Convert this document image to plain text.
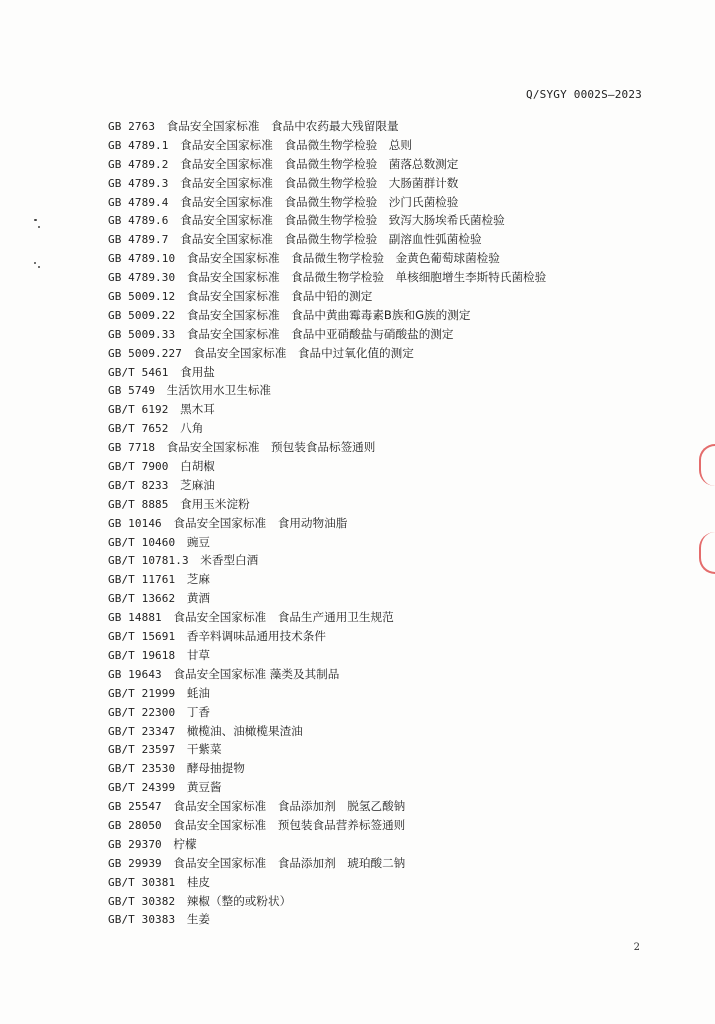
Q/SYGY 0002S—2023
GB 2763  食品安全国家标准　食品中农药最大残留限量
GB 4789.1  食品安全国家标准　食品微生物学检验　总则
GB 4789.2  食品安全国家标准　食品微生物学检验　菌落总数测定
GB 4789.3  食品安全国家标准　食品微生物学检验　大肠菌群计数
GB 4789.4  食品安全国家标准　食品微生物学检验　沙门氏菌检验
GB 4789.6  食品安全国家标准　食品微生物学检验　致泻大肠埃希氏菌检验
GB 4789.7  食品安全国家标准　食品微生物学检验　副溶血性弧菌检验
GB 4789.10  食品安全国家标准　食品微生物学检验　金黄色葡萄球菌检验
GB 4789.30  食品安全国家标准　食品微生物学检验　单核细胞增生李斯特氏菌检验
GB 5009.12  食品安全国家标准　食品中铅的测定
GB 5009.22  食品安全国家标准　食品中黄曲霉毒素B族和G族的测定
GB 5009.33  食品安全国家标准　食品中亚硝酸盐与硝酸盐的测定
GB 5009.227  食品安全国家标准　食品中过氧化值的测定
GB/T 5461  食用盐
GB 5749  生活饮用水卫生标准
GB/T 6192  黑木耳
GB/T 7652  八角
GB 7718  食品安全国家标准　预包装食品标签通则
GB/T 7900  白胡椒
GB/T 8233  芝麻油
GB/T 8885  食用玉米淀粉
GB 10146  食品安全国家标准　食用动物油脂
GB/T 10460  豌豆
GB/T 10781.3  米香型白酒
GB/T 11761  芝麻
GB/T 13662  黄酒
GB 14881  食品安全国家标准　食品生产通用卫生规范
GB/T 15691  香辛料调味品通用技术条件
GB/T 19618  甘草
GB 19643  食品安全国家标准 藻类及其制品
GB/T 21999  蚝油
GB/T 22300  丁香
GB/T 23347  橄榄油、油橄榄果渣油
GB/T 23597  干紫菜
GB/T 23530  酵母抽提物
GB/T 24399  黄豆酱
GB 25547  食品安全国家标准　食品添加剂　脱氢乙酸钠
GB 28050  食品安全国家标准　预包装食品营养标签通则
GB 29370  柠檬
GB 29939  食品安全国家标准　食品添加剂　琥珀酸二钠
GB/T 30381  桂皮
GB/T 30382  辣椒（整的或粉状）
GB/T 30383  生姜
2
